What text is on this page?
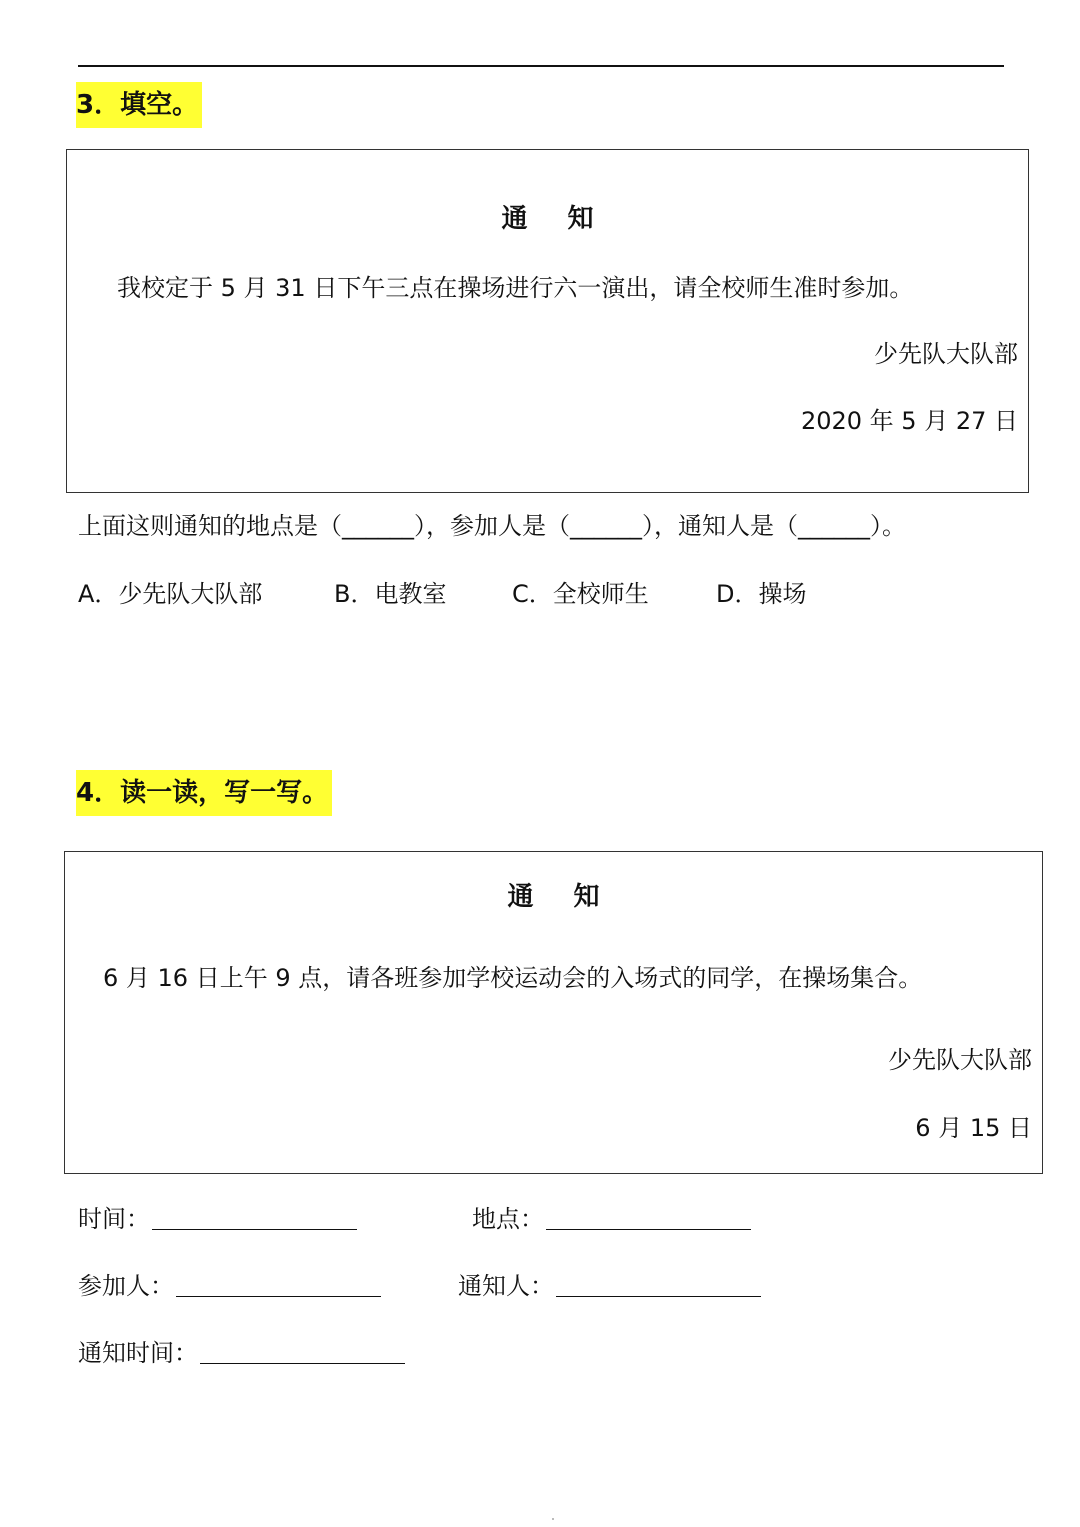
3．填空。
通知
我校定于 5 月 31 日下午三点在操场进行六一演出，请全校师生准时参加。
少先队大队部
2020 年 5 月 27 日
上面这则通知的地点是（______），参加人是（______），通知人是（______）。
A．少先队大队部	B．电教室	C．全校师生	D．操场
4．读一读，写一写。
通知
6 月 16 日上午 9 点，请各班参加学校运动会的入场式的同学，在操场集合。
少先队大队部
6 月 15 日
时间：	地点：
参加人：	通知人：
通知时间：
